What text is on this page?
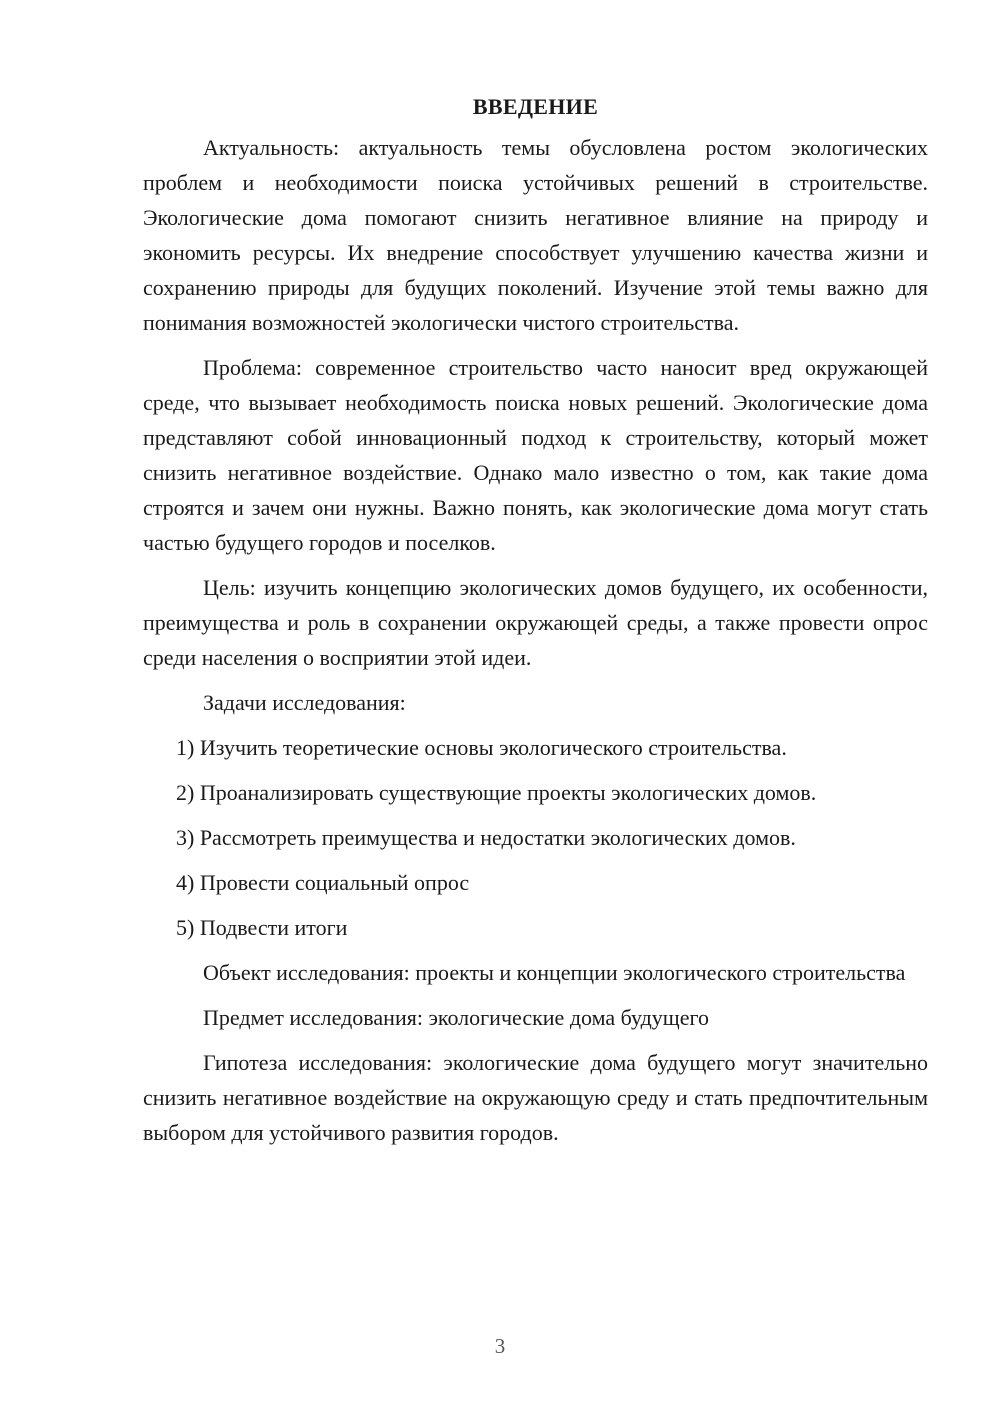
ВВЕДЕНИЕ

Актуальность: актуальность темы обусловлена ростом экологических проблем и необходимости поиска устойчивых решений в строительстве. Экологические дома помогают снизить негативное влияние на природу и экономить ресурсы. Их внедрение способствует улучшению качества жизни и сохранению природы для будущих поколений. Изучение этой темы важно для понимания возможностей экологически чистого строительства.

Проблема: современное строительство часто наносит вред окружающей среде, что вызывает необходимость поиска новых решений. Экологические дома представляют собой инновационный подход к строительству, который может снизить негативное воздействие. Однако мало известно о том, как такие дома строятся и зачем они нужны. Важно понять, как экологические дома могут стать частью будущего городов и поселков.

Цель: изучить концепцию экологических домов будущего, их особенности, преимущества и роль в сохранении окружающей среды, а также провести опрос среди населения о восприятии этой идеи.

Задачи исследования:

1) Изучить теоретические основы экологического строительства.
2) Проанализировать существующие проекты экологических домов.
3) Рассмотреть преимущества и недостатки экологических домов.
4) Провести социальный опрос
5) Подвести итоги

Объект исследования: проекты и концепции экологического строительства

Предмет исследования: экологические дома будущего

Гипотеза исследования: экологические дома будущего могут значительно снизить негативное воздействие на окружающую среду и стать предпочтительным выбором для устойчивого развития городов.

3
